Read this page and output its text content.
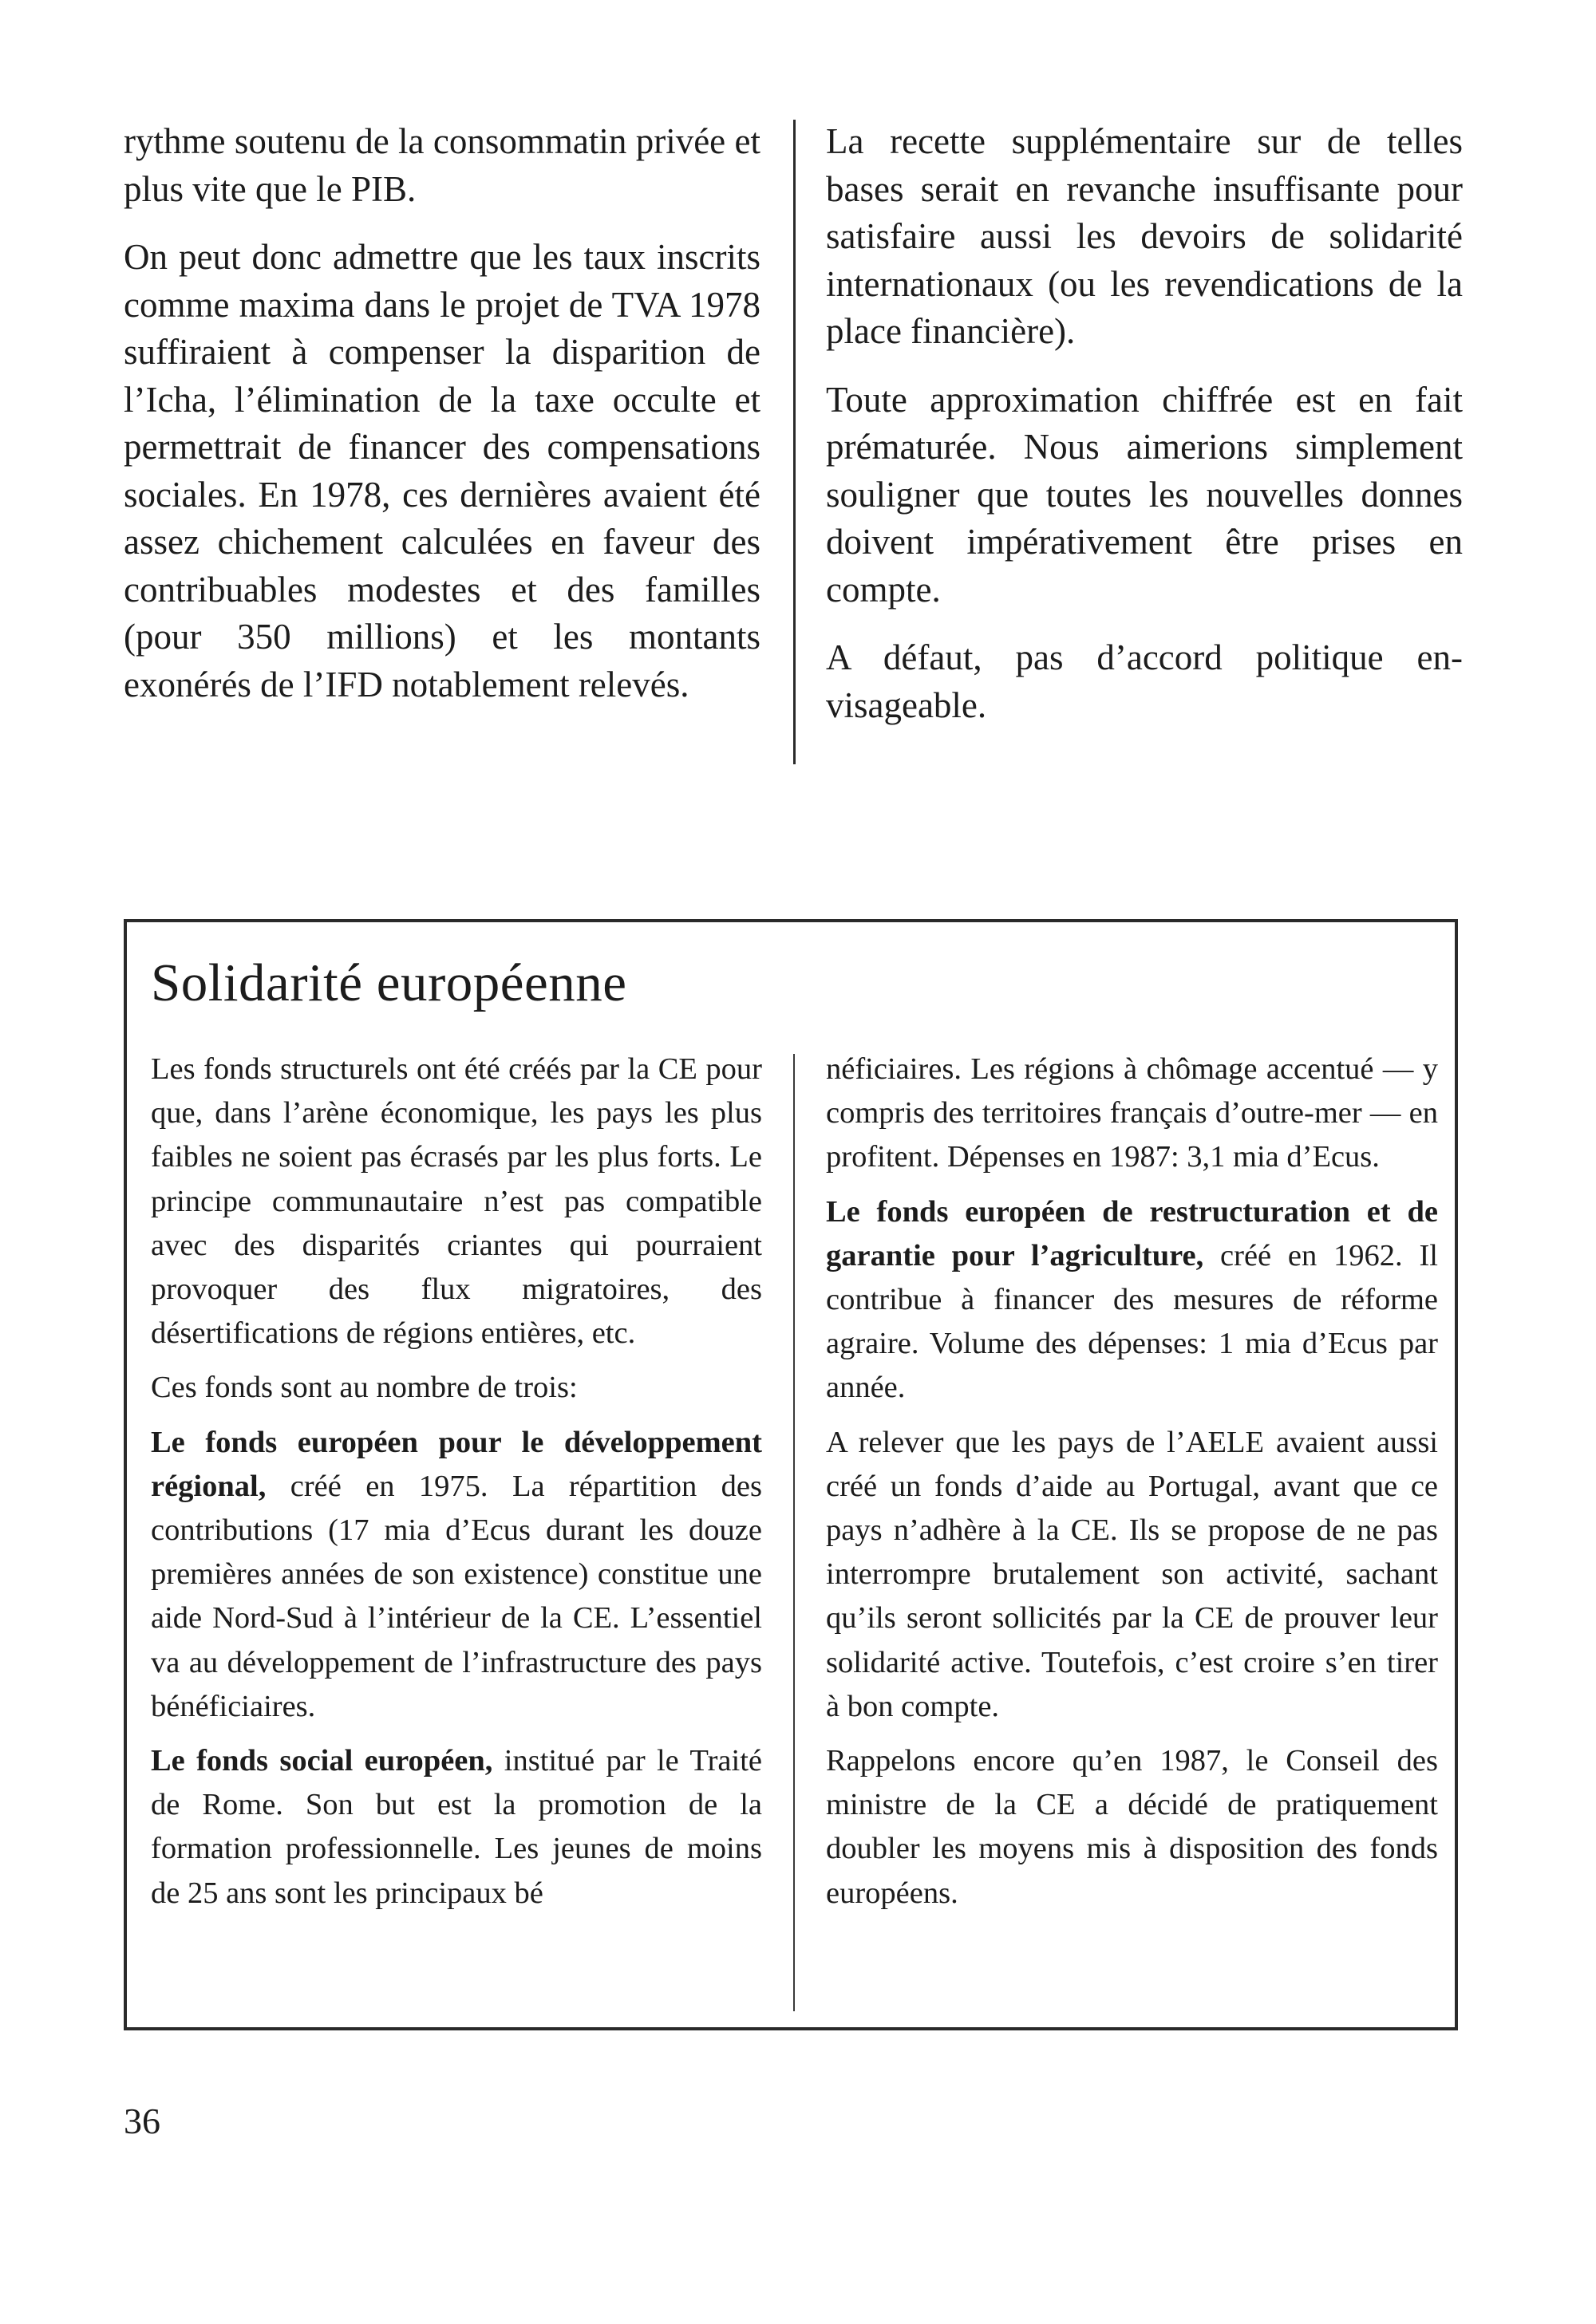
rythme soutenu de la consommatin privée et plus vite que le PIB.

On peut donc admettre que les taux inscrits comme maxima dans le projet de TVA 1978 suffiraient à compenser la disparition de l’Icha, l’élimination de la taxe occulte et permettrait de financer des compensations sociales. En 1978, ces dernières avaient été assez chichement calculées en faveur des contribuables modestes et des familles (pour 350 millions) et les montants exonérés de l’IFD notablement relevés.

La recette supplémentaire sur de telles bases serait en revanche insuffisante pour satisfaire aussi les devoirs de solidarité internationaux (ou les revendications de la place financière).

Toute approximation chiffrée est en fait prématurée. Nous aimerions simplement souligner que toutes les nouvelles donnes doivent impérativement être prises en compte.

A défaut, pas d’accord politique envisageable.

Solidarité européenne

Les fonds structurels ont été créés par la CE pour que, dans l’arène économique, les pays les plus faibles ne soient pas écrasés par les plus forts. Le principe communautaire n’est pas compatible avec des disparités criantes qui pourraient provoquer des flux migratoires, des désertifications de régions entières, etc.

Ces fonds sont au nombre de trois:

Le fonds européen pour le développement régional, créé en 1975. La répartition des contributions (17 mia d’Ecus durant les douze premières années de son existence) constitue une aide Nord-Sud à l’intérieur de la CE. L’essentiel va au développement de l’infrastructure des pays bénéficiaires.

Le fonds social européen, institué par le Traité de Rome. Son but est la promotion de la formation professionnelle. Les jeunes de moins de 25 ans sont les principaux bé

néficiaires. Les régions à chômage accentué — y compris des territoires français d’outre-mer — en profitent. Dépenses en 1987: 3,1 mia d’Ecus.

Le fonds européen de restructuration et de garantie pour l’agriculture, créé en 1962. Il contribue à financer des mesures de réforme agraire. Volume des dépenses: 1 mia d’Ecus par année.

A relever que les pays de l’AELE avaient aussi créé un fonds d’aide au Portugal, avant que ce pays n’adhère à la CE. Ils se propose de ne pas interrompre brutalement son activité, sachant qu’ils seront sollicités par la CE de prouver leur solidarité active. Toutefois, c’est croire s’en tirer à bon compte.

Rappelons encore qu’en 1987, le Conseil des ministre de la CE a décidé de pratiquement doubler les moyens mis à disposition des fonds européens.

36
